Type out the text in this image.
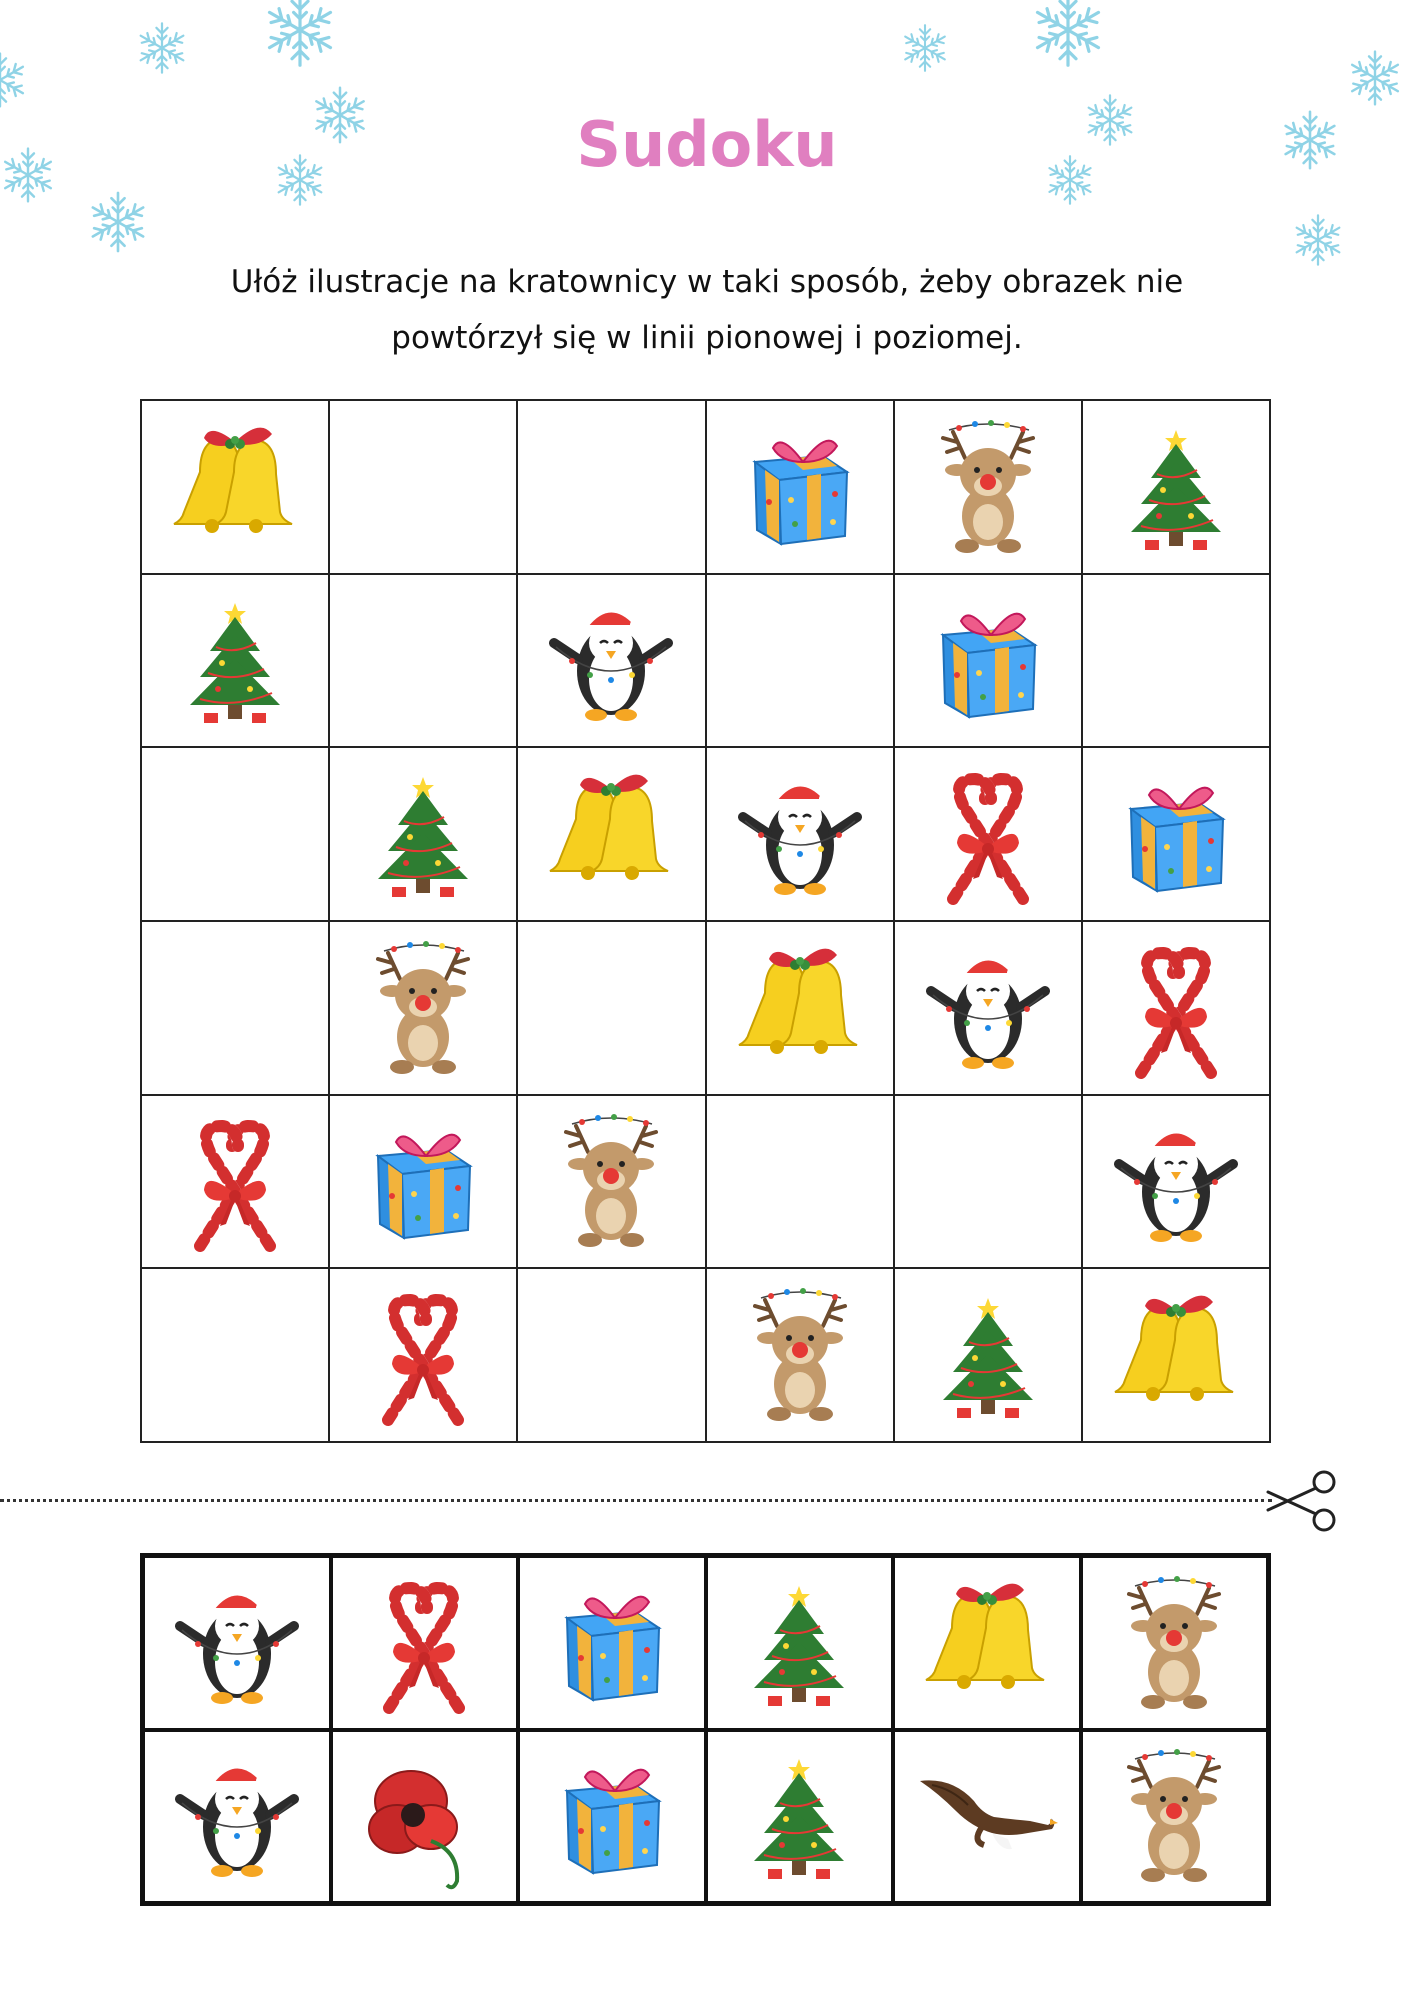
Sudoku
Ułóż ilustracje na kratownicy w taki sposób, żeby obrazek nie
powtórzył się w linii pionowej i poziomej.
